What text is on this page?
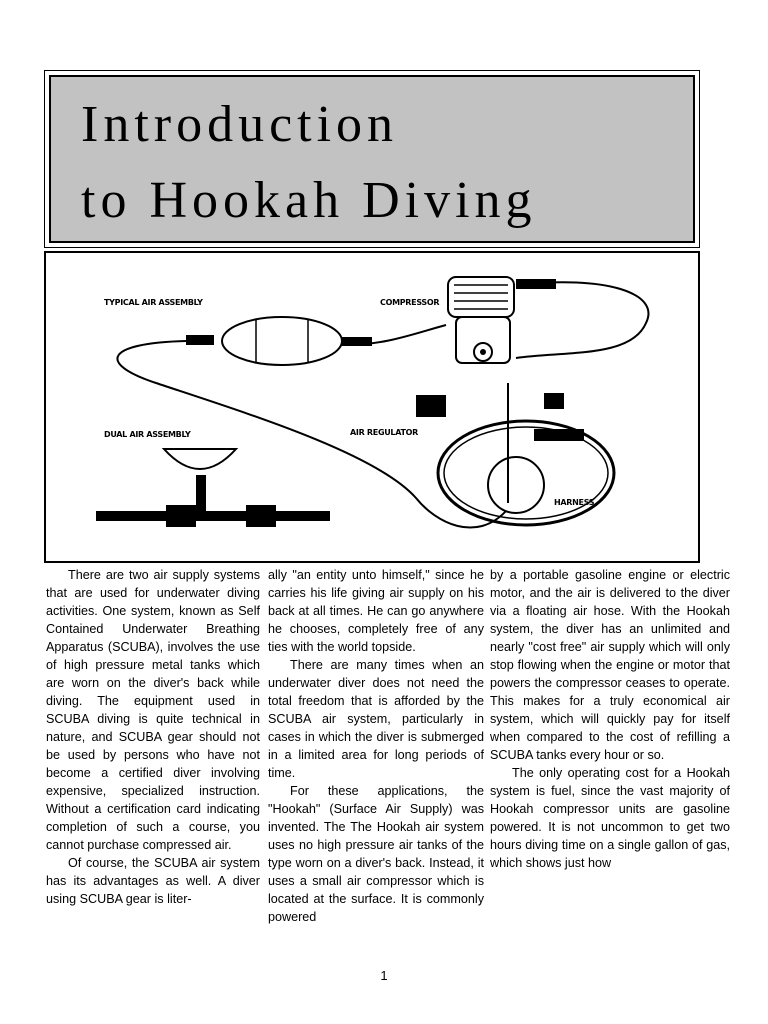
Introduction
to Hookah Diving
TYPICAL AIR ASSEMBLY	COMPRESSOR
DUAL AIR ASSEMBLY	AIR REGULATOR
HARNESS

There are two air supply systems that are used for underwater diving activities. One system, known as Self Contained Underwater Breathing Apparatus (SCUBA), involves the use of high pressure metal tanks which are worn on the diver's back while diving. The equipment used in SCUBA diving is quite technical in nature, and SCUBA gear should not be used by persons who have not become a certified diver involving expensive, specialized instruction. Without a certification card indicating completion of such a course, you cannot purchase compressed air.

Of course, the SCUBA air system has its advantages as well. A diver using SCUBA gear is liter-

ally "an entity unto himself," since he carries his life giving air supply on his back at all times. He can go anywhere he chooses, completely free of any ties with the world topside.

There are many times when an underwater diver does not need the total freedom that is afforded by the SCUBA air system, particularly in cases in which the diver is submerged in a limited area for long periods of time.

For these applications, the "Hookah" (Surface Air Supply) was invented. The The Hookah air system uses no high pressure air tanks of the type worn on a diver's back. Instead, it uses a small air compressor which is located at the surface. It is commonly powered

by a portable gasoline engine or electric motor, and the air is delivered to the diver via a floating air hose. With the Hookah system, the diver has an unlimited and nearly "cost free" air supply which will only stop flowing when the engine or motor that powers the compressor ceases to operate. This makes for a truly economical air system, which will quickly pay for itself when compared to the cost of refilling a SCUBA tanks every hour or so.

The only operating cost for a Hookah system is fuel, since the vast majority of Hookah compressor units are gasoline powered. It is not uncommon to get two hours diving time on a single gallon of gas, which shows just how

1
